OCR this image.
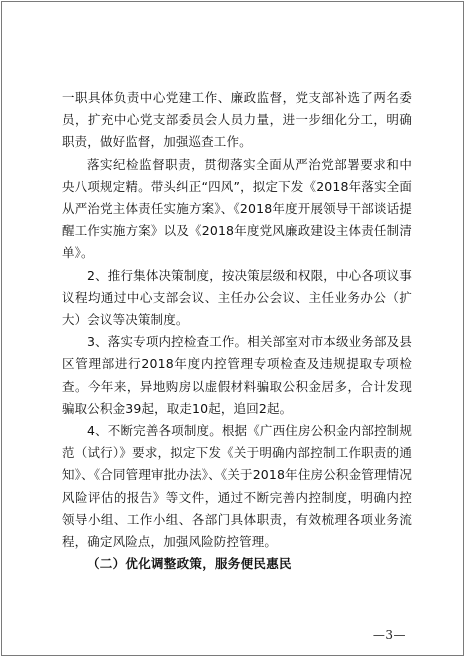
一职具体负责中心党建工作、廉政监督，党支部补选了两名委员，扩充中心党支部委员会人员力量，进一步细化分工，明确职责，做好监督，加强巡查工作。

落实纪检监督职责，贯彻落实全面从严治党部署要求和中央八项规定精。带头纠正“四风”，拟定下发《2018年落实全面从严治党主体责任实施方案》、《2018年度开展领导干部谈话提醒工作实施方案》以及《2018年度党风廉政建设主体责任制清单》。

2、推行集体决策制度，按决策层级和权限，中心各项议事议程均通过中心支部会议、主任办公会议、主任业务办公（扩大）会议等决策制度。

3、落实专项内控检查工作。相关部室对市本级业务部及县区管理部进行2018年度内控管理专项检查及违规提取专项检查。今年来，异地购房以虚假材料骗取公积金居多，合计发现骗取公积金39起，取走10起，追回2起。

4、不断完善各项制度。根据《广西住房公积金内部控制规范（试行）》要求，拟定下发《关于明确内部控制工作职责的通知》、《合同管理审批办法》、《关于2018年住房公积金管理情况风险评估的报告》等文件，通过不断完善内控制度，明确内控领导小组、工作小组、各部门具体职责，有效梳理各项业务流程，确定风险点，加强风险防控管理。

（二）优化调整政策，服务便民惠民

—3—
